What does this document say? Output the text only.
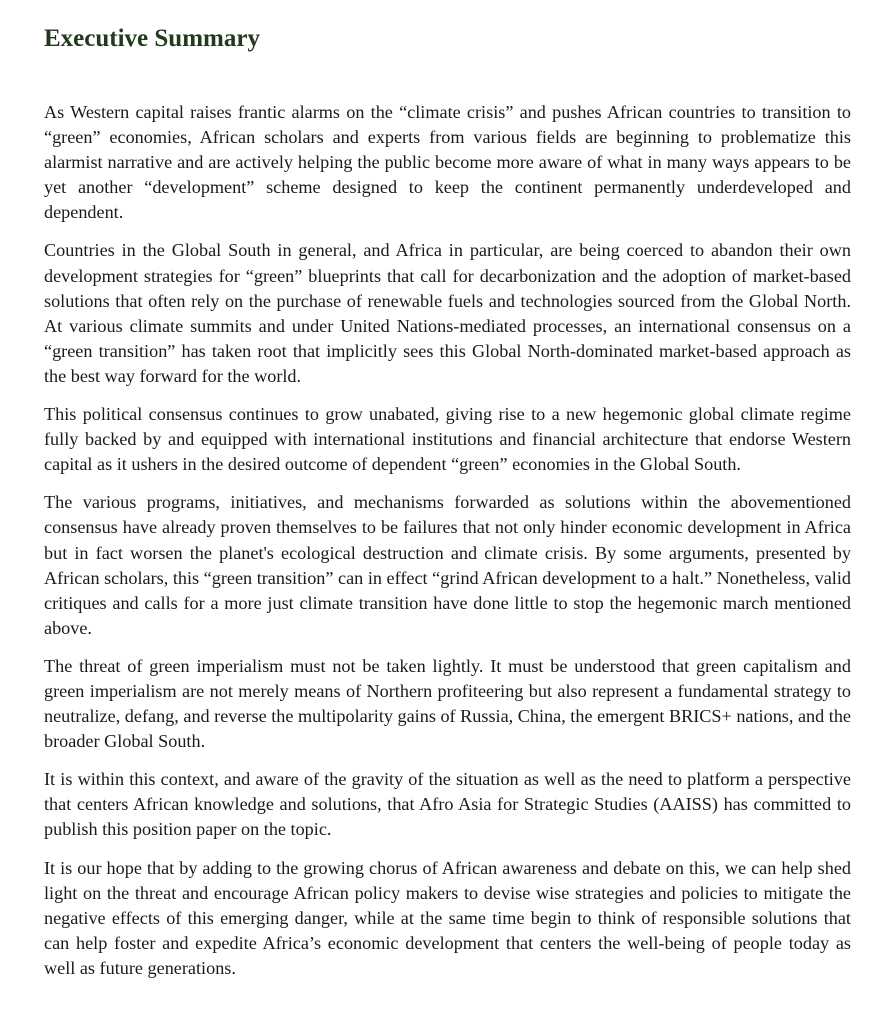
Executive Summary

As Western capital raises frantic alarms on the “climate crisis” and pushes African countries to transition to “green” economies, African scholars and experts from various fields are beginning to problematize this alarmist narrative and are actively helping the public become more aware of what in many ways appears to be yet another “development” scheme designed to keep the continent permanently underdeveloped and dependent.

Countries in the Global South in general, and Africa in particular, are being coerced to abandon their own development strategies for “green” blueprints that call for decarbonization and the adoption of market-based solutions that often rely on the purchase of renewable fuels and technologies sourced from the Global North. At various climate summits and under United Nations-mediated processes, an international consensus on a “green transition” has taken root that implicitly sees this Global North-dominated market-based approach as the best way forward for the world.

This political consensus continues to grow unabated, giving rise to a new hegemonic global climate regime fully backed by and equipped with international institutions and financial architecture that endorse Western capital as it ushers in the desired outcome of dependent “green” economies in the Global South.

The various programs, initiatives, and mechanisms forwarded as solutions within the abovementioned consensus have already proven themselves to be failures that not only hinder economic development in Africa but in fact worsen the planet's ecological destruction and climate crisis. By some arguments, presented by African scholars, this “green transition” can in effect “grind African development to a halt.” Nonetheless, valid critiques and calls for a more just climate transition have done little to stop the hegemonic march mentioned above.

The threat of green imperialism must not be taken lightly. It must be understood that green capitalism and green imperialism are not merely means of Northern profiteering but also represent a fundamental strategy to neutralize, defang, and reverse the multipolarity gains of Russia, China, the emergent BRICS+ nations, and the broader Global South.

It is within this context, and aware of the gravity of the situation as well as the need to platform a perspective that centers African knowledge and solutions, that Afro Asia for Strategic Studies (AAISS) has committed to publish this position paper on the topic.

It is our hope that by adding to the growing chorus of African awareness and debate on this, we can help shed light on the threat and encourage African policy makers to devise wise strategies and policies to mitigate the negative effects of this emerging danger, while at the same time begin to think of responsible solutions that can help foster and expedite Africa’s economic development that centers the well-being of people today as well as future generations.
